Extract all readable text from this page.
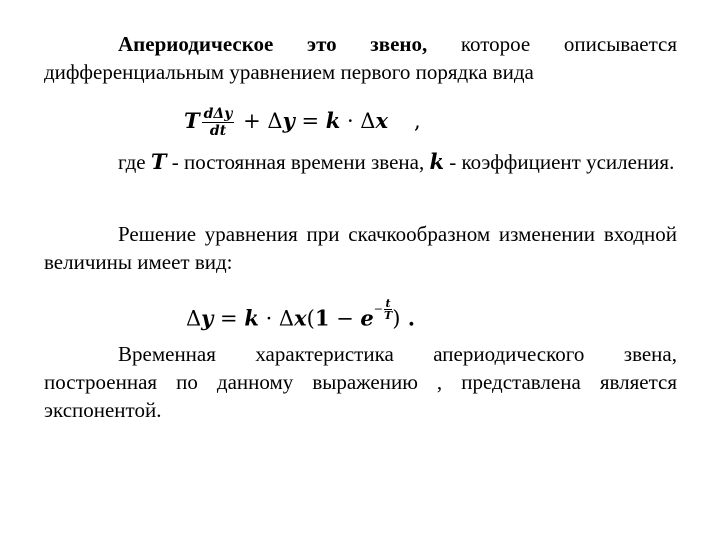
Апериодическое это звено, которое описывается дифференциальным уравнением первого порядка вида

T $\frac{\text{dΔy}}{dt} + \Delta y = k \cdot \Delta x$ ,

где T - постоянная времени звена, k - коэффициент усиления.

Решение уравнения при скачкообразном изменении входной величины имеет вид:

$\Delta y = k \cdot \Delta x(1 - e- \frac{t}{T}$ ) .

Временная характеристика апериодического звена, построенная по данному выражению , представлена является экспонентой.
